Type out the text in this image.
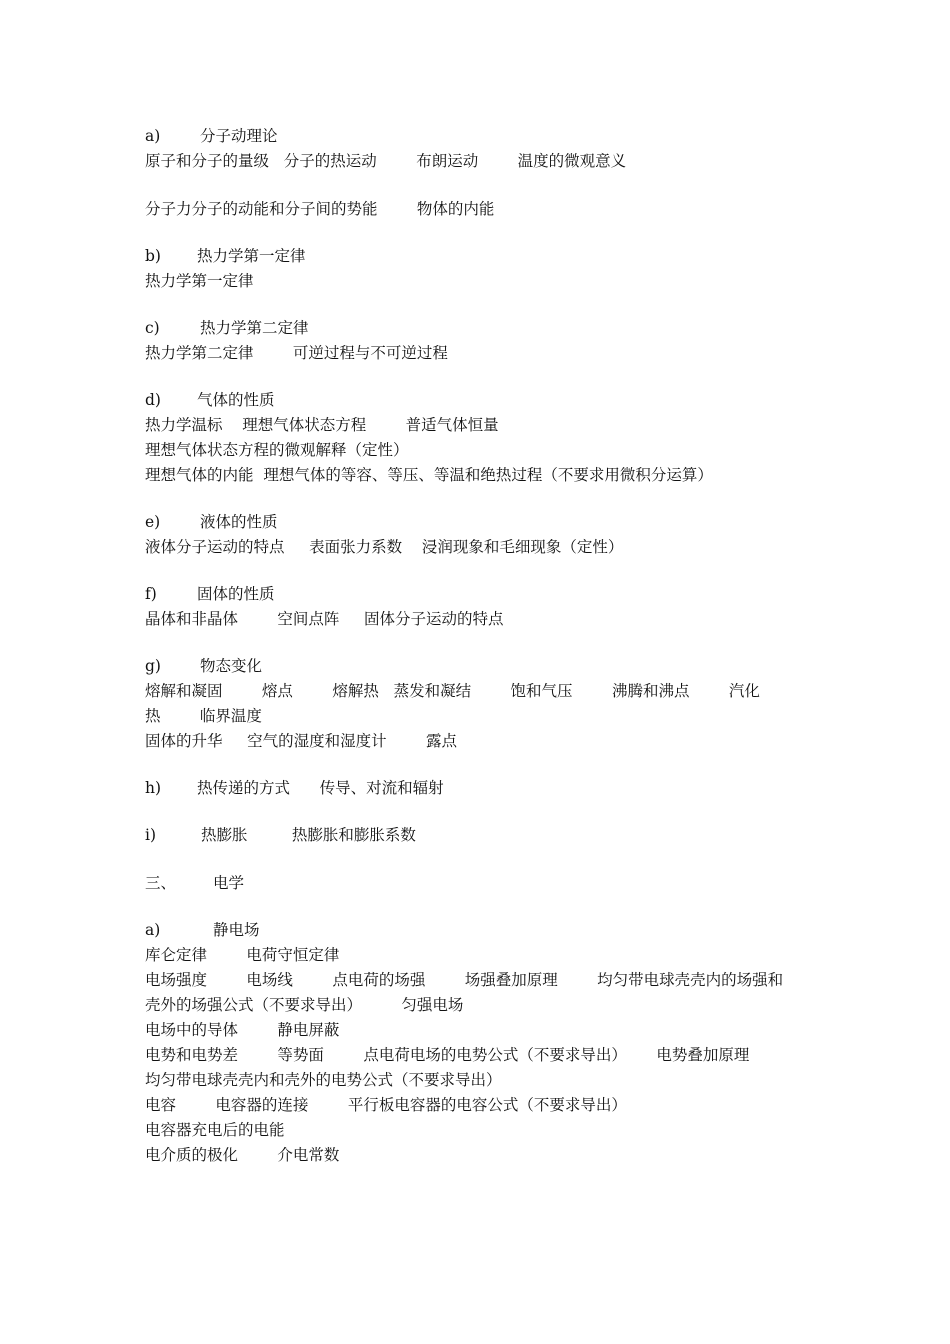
a)	分子动理论
原子和分子的量级   分子的热运动        布朗运动        温度的微观意义
分子力分子的动能和分子间的势能        物体的内能
b) 热力学第一定律
热力学第一定律
c)	热力学第二定律
热力学第二定律        可逆过程与不可逆过程
d) 气体的性质
热力学温标    理想气体状态方程        普适气体恒量
理想气体状态方程的微观解释（定性）
理想气体的内能  理想气体的等容、等压、等温和绝热过程（不要求用微积分运算）
e)	液体的性质
液体分子运动的特点     表面张力系数    浸润现象和毛细现象（定性）
f)	固体的性质
晶体和非晶体        空间点阵     固体分子运动的特点
g)	物态变化
熔解和凝固        熔点        熔解热   蒸发和凝结        饱和气压        沸腾和沸点        汽化
热        临界温度
固体的升华     空气的湿度和湿度计        露点
h) 热传递的方式 传导、对流和辐射
i)	热膨胀	热膨胀和膨胀系数
三、 电学
a)	静电场
库仑定律        电荷守恒定律
电场强度        电场线        点电荷的场强        场强叠加原理        均匀带电球壳壳内的场强和
壳外的场强公式（不要求导出）        匀强电场
电场中的导体        静电屏蔽
电势和电势差        等势面        点电荷电场的电势公式（不要求导出）      电势叠加原理
均匀带电球壳壳内和壳外的电势公式（不要求导出）
电容        电容器的连接        平行板电容器的电容公式（不要求导出）
电容器充电后的电能
电介质的极化        介电常数
